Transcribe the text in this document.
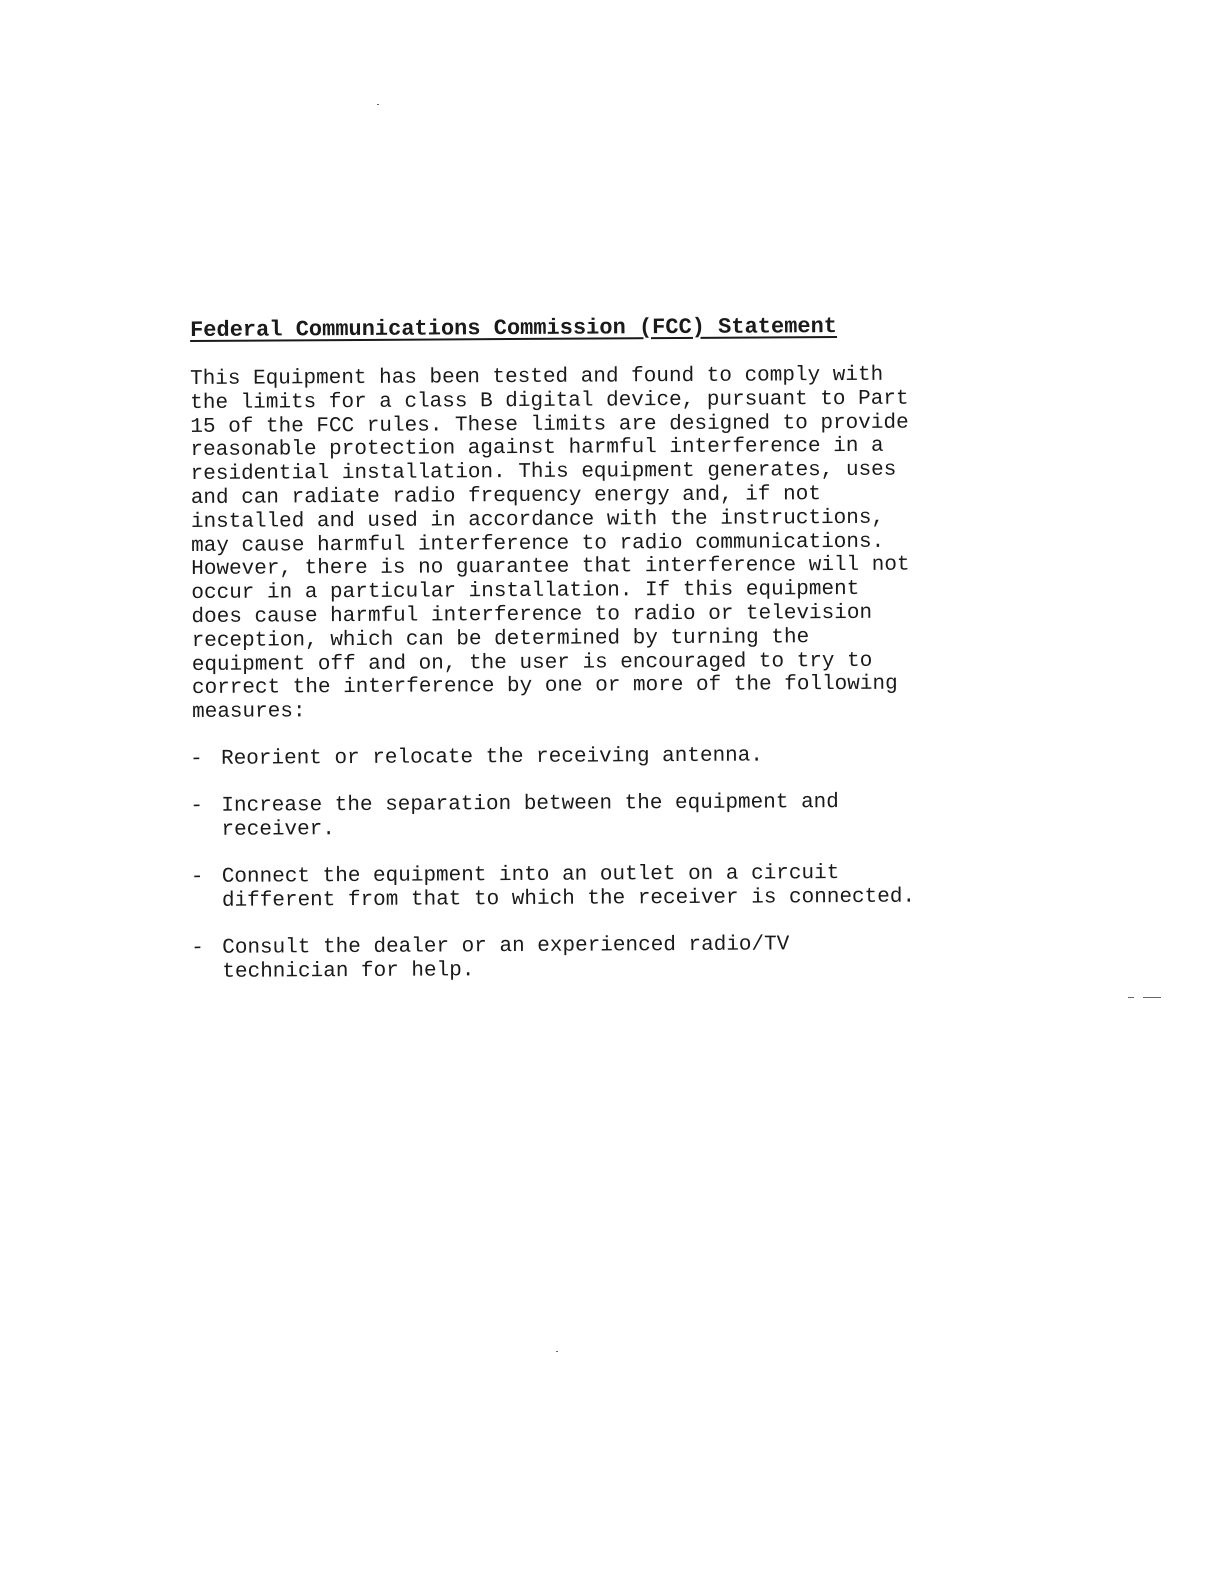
Federal Communications Commission (FCC) Statement

This Equipment has been tested and found to comply with
the limits for a class B digital device, pursuant to Part
15 of the FCC rules. These limits are designed to provide
reasonable protection against harmful interference in a
residential installation. This equipment generates, uses
and can radiate radio frequency energy and, if not
installed and used in accordance with the instructions,
may cause harmful interference to radio communications.
However, there is no guarantee that interference will not
occur in a particular installation. If this equipment
does cause harmful interference to radio or television
reception, which can be determined by turning the
equipment off and on, the user is encouraged to try to
correct the interference by one or more of the following
measures:

- Reorient or relocate the receiving antenna.
- Increase the separation between the equipment and
receiver.
- Connect the equipment into an outlet on a circuit
different from that to which the receiver is connected.
- Consult the dealer or an experienced radio/TV
technician for help.
